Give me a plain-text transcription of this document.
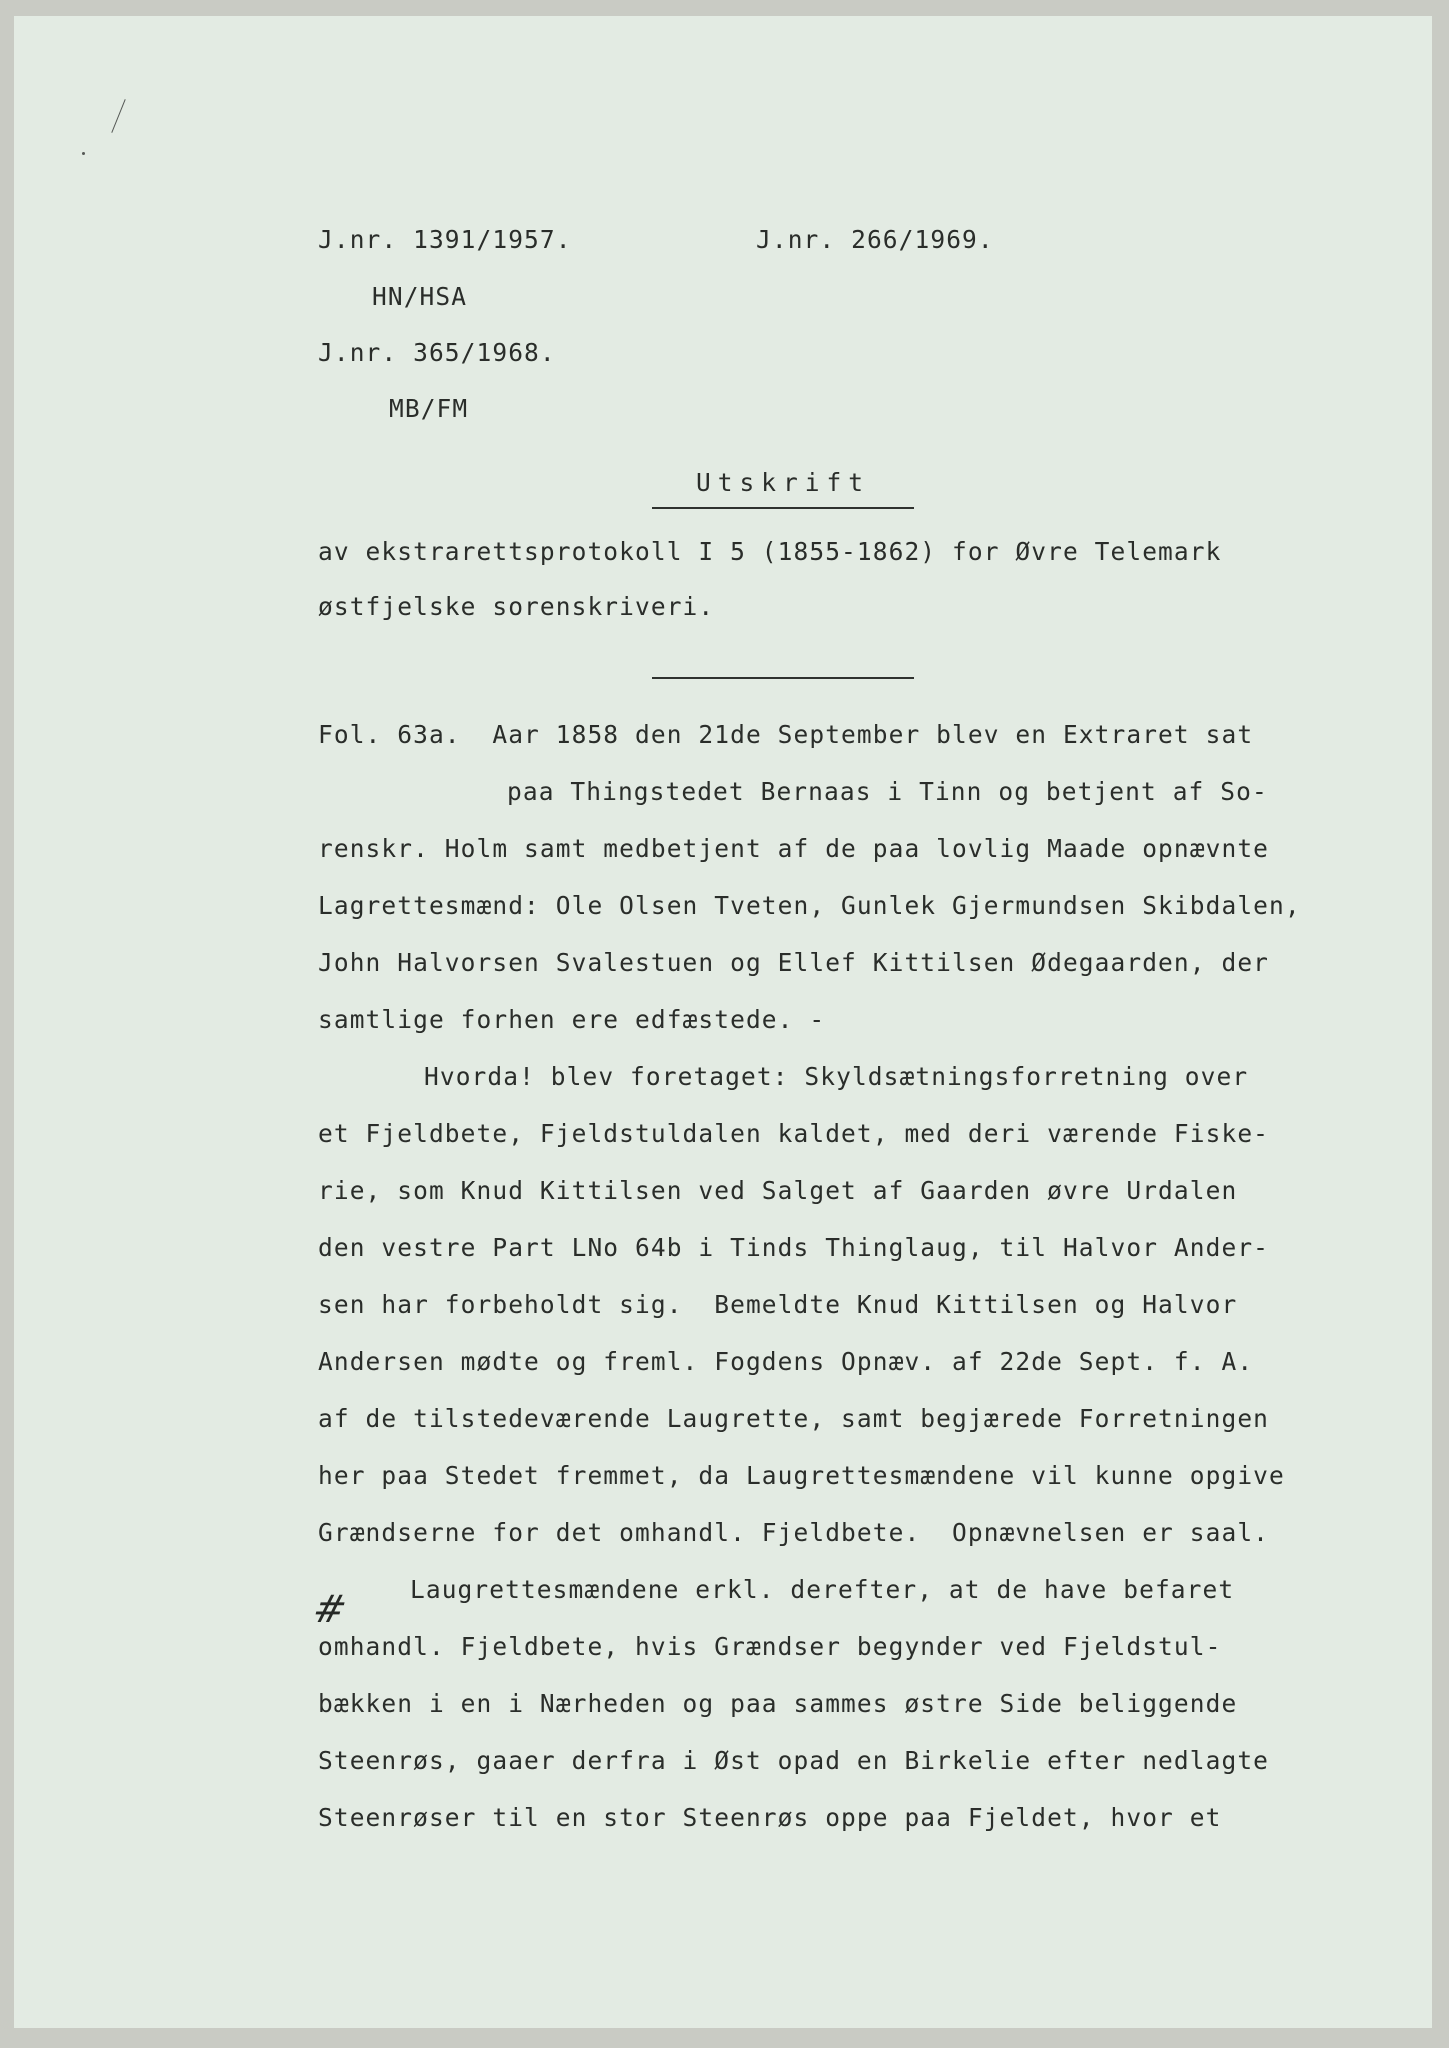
J.nr. 1391/1957.	J.nr. 266/1969.
HN/HSA
J.nr. 365/1968.
MB/FM
Utskrift
av ekstrarettsprotokoll I 5 (1855-1862) for Øvre Telemark
østfjelske sorenskriveri.
Fol. 63a.  Aar 1858 den 21de September blev en Extraret sat
paa Thingstedet Bernaas i Tinn og betjent af So-
renskr. Holm samt medbetjent af de paa lovlig Maade opnævnte
Lagrettesmænd: Ole Olsen Tveten, Gunlek Gjermundsen Skibdalen,
John Halvorsen Svalestuen og Ellef Kittilsen Ødegaarden, der
samtlige forhen ere edfæstede. -
Hvorda! blev foretaget: Skyldsætningsforretning over
et Fjeldbete, Fjeldstuldalen kaldet, med deri værende Fiske-
rie, som Knud Kittilsen ved Salget af Gaarden øvre Urdalen
den vestre Part LNo 64b i Tinds Thinglaug, til Halvor Ander-
sen har forbeholdt sig.  Bemeldte Knud Kittilsen og Halvor
Andersen mødte og freml. Fogdens Opnæv. af 22de Sept. f. A.
af de tilstedeværende Laugrette, samt begjærede Forretningen
her paa Stedet fremmet, da Laugrettesmændene vil kunne opgive
Grændserne for det omhandl. Fjeldbete.  Opnævnelsen er saal.
# Laugrettesmændene erkl. derefter, at de have befaret
omhandl. Fjeldbete, hvis Grændser begynder ved Fjeldstul-
bækken i en i Nærheden og paa sammes østre Side beliggende
Steenrøs, gaaer derfra i Øst opad en Birkelie efter nedlagte
Steenrøser til en stor Steenrøs oppe paa Fjeldet, hvor et
